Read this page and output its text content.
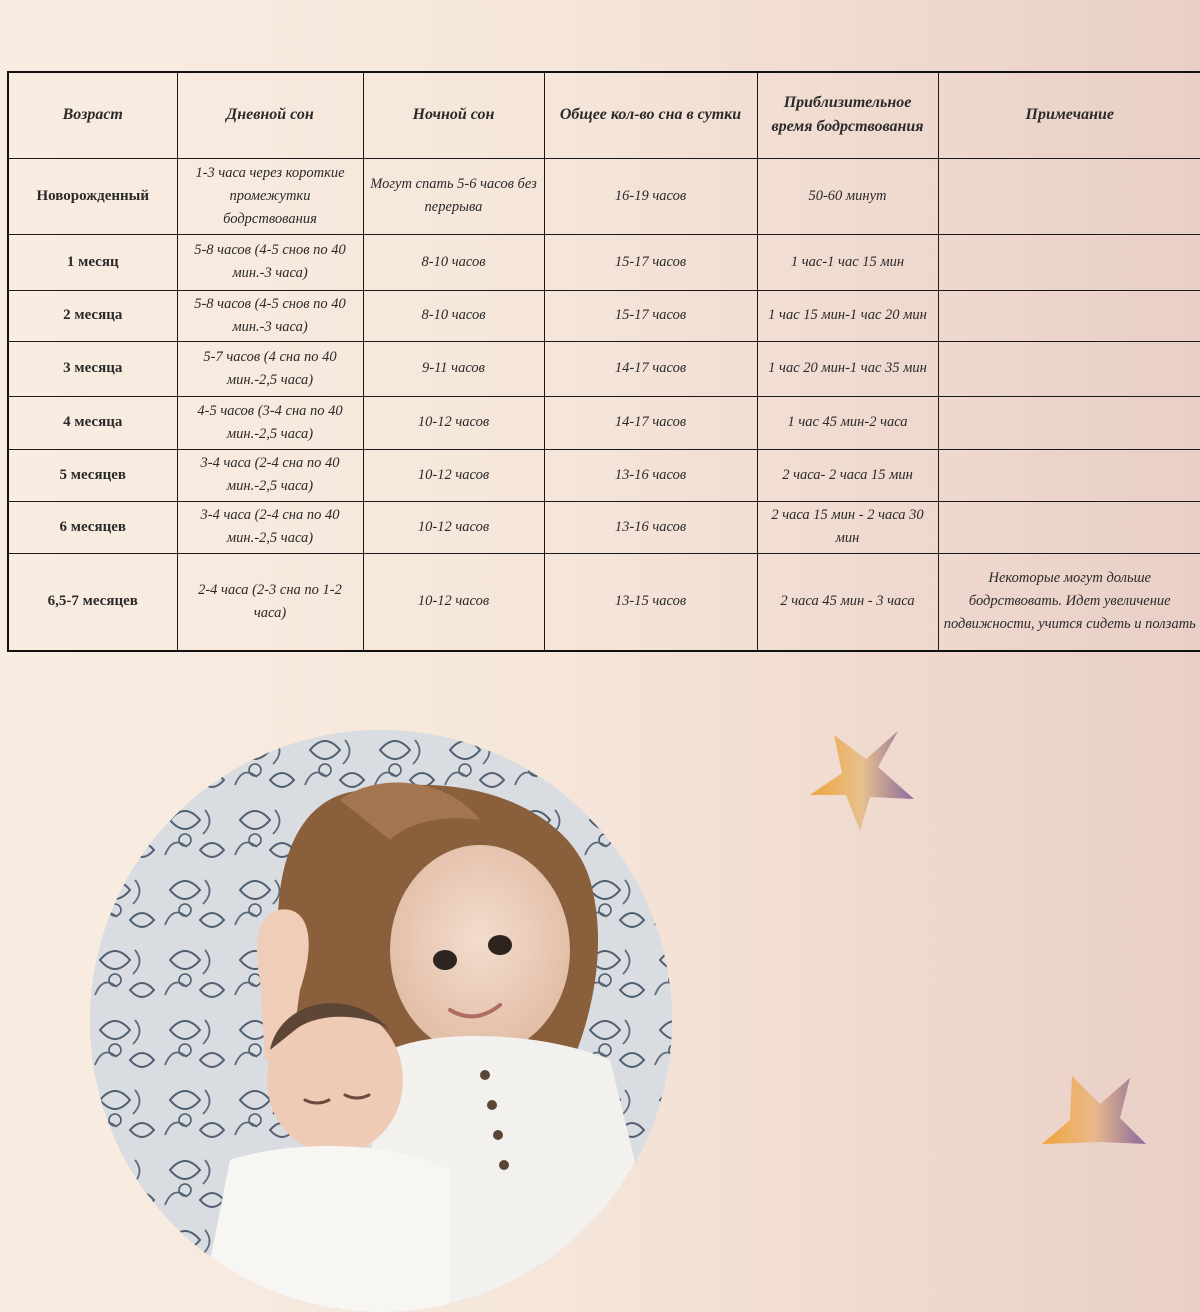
Возраст	Дневной сон	Ночной сон	Общее кол-во сна в сутки	Приблизительное время бодрствования	Примечание
Новорожденный	1-3 часа через короткие промежутки бодрствования	Могут спать 5-6 часов без перерыва	16-19 часов	50-60 минут	
1 месяц	5-8 часов (4-5 снов по 40 мин.-3 часа)	8-10 часов	15-17 часов	1 час-1 час 15 мин	
2 месяца	5-8 часов (4-5 снов по 40 мин.-3 часа)	8-10 часов	15-17 часов	1 час 15 мин-1 час 20 мин	
3 месяца	5-7 часов (4 сна по 40 мин.-2,5 часа)	9-11 часов	14-17 часов	1 час 20 мин-1 час 35 мин	
4 месяца	4-5 часов (3-4 сна по 40 мин.-2,5 часа)	10-12 часов	14-17 часов	1 час 45 мин-2 часа	
5 месяцев	3-4 часа (2-4 сна по 40 мин.-2,5 часа)	10-12 часов	13-16 часов	2 часа- 2 часа 15 мин	
6 месяцев	3-4 часа (2-4 сна по 40 мин.-2,5 часа)	10-12 часов	13-16 часов	2 часа 15 мин - 2 часа 30 мин	
6,5-7 месяцев	2-4 часа (2-3 сна по 1-2 часа)	10-12 часов	13-15 часов	2 часа 45 мин - 3 часа	Некоторые могут дольше бодрствовать. Идет увеличение подвижности, учится сидеть и ползать
